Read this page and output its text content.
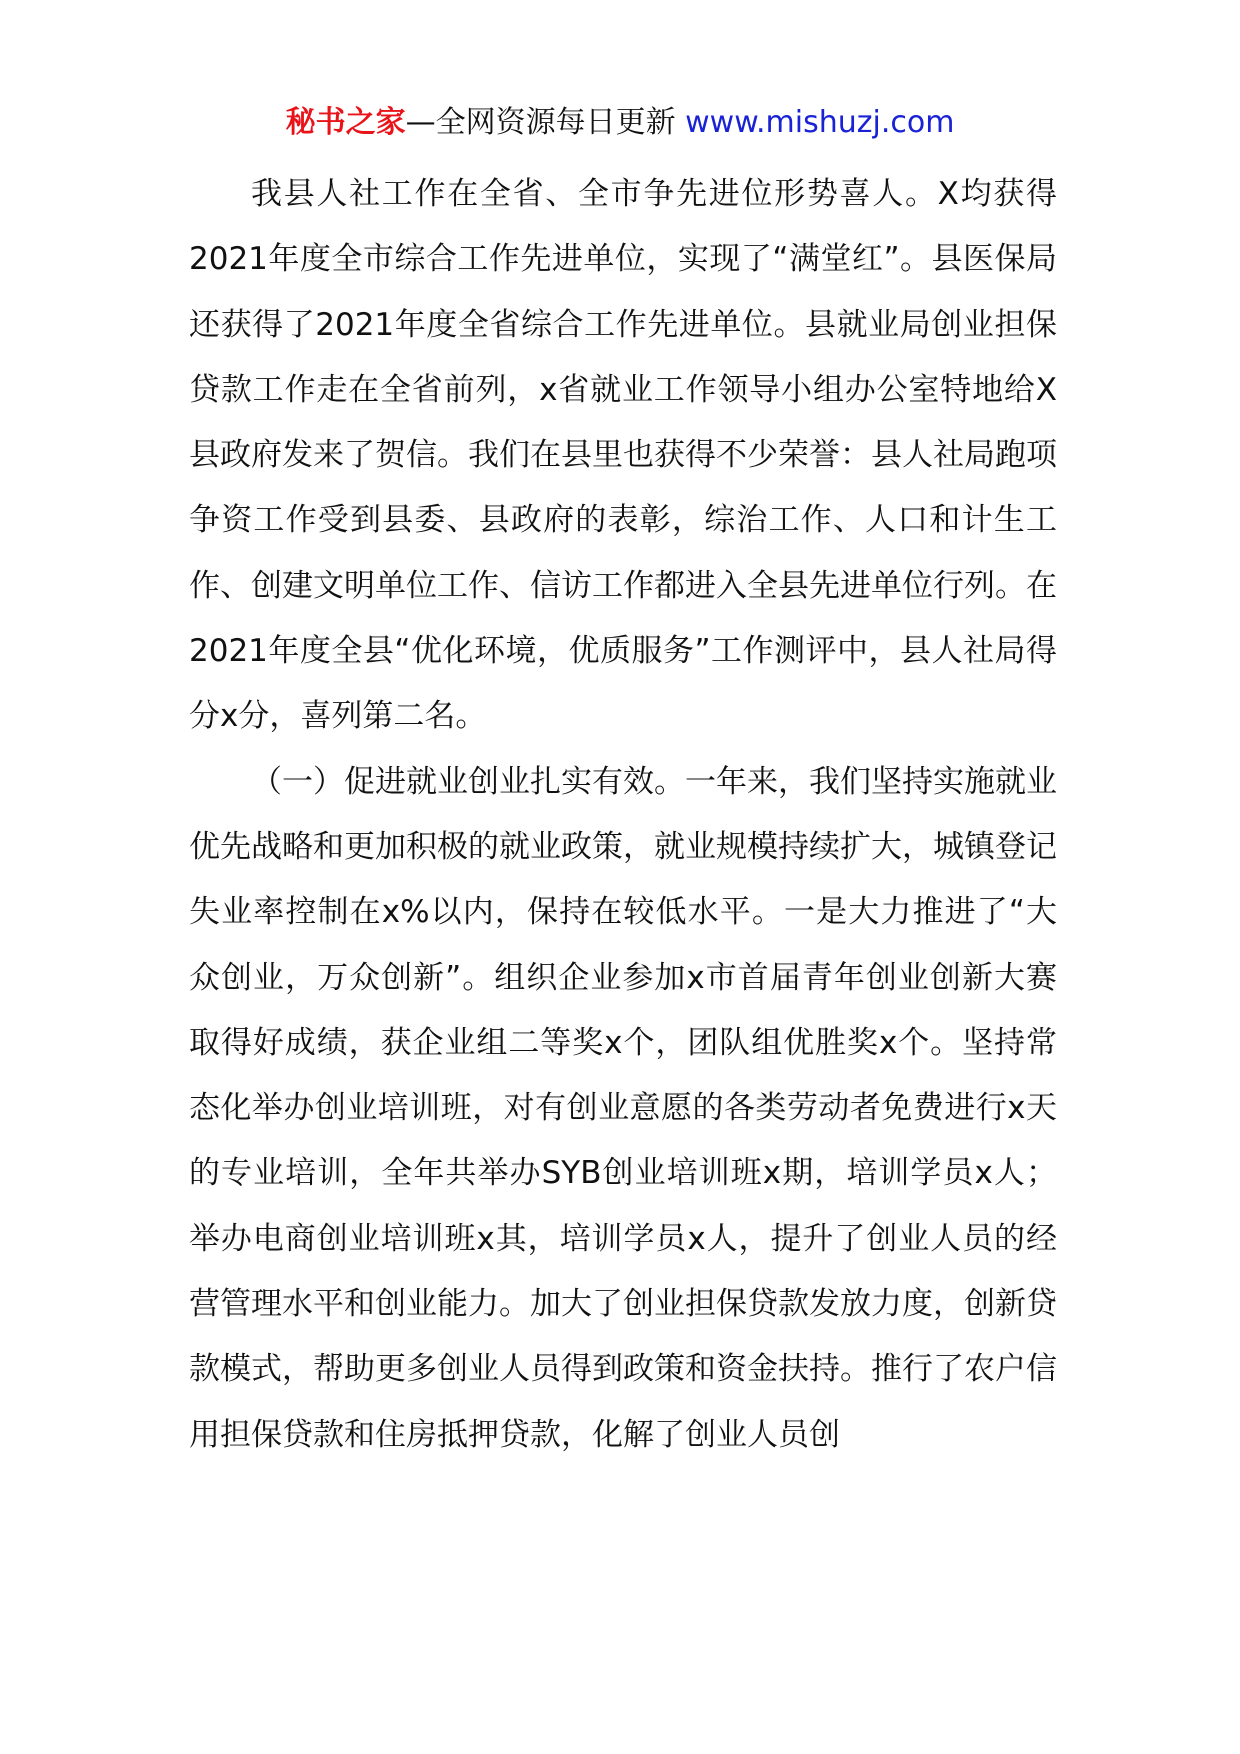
秘书之家—全网资源每日更新 www.mishuzj.com

我县人社工作在全省、全市争先进位形势喜人。X均获得2021年度全市综合工作先进单位，实现了“满堂红”。县医保局还获得了2021年度全省综合工作先进单位。县就业局创业担保贷款工作走在全省前列，x省就业工作领导小组办公室特地给X县政府发来了贺信。我们在县里也获得不少荣誉：县人社局跑项争资工作受到县委、县政府的表彰，综治工作、人口和计生工作、创建文明单位工作、信访工作都进入全县先进单位行列。在2021年度全县“优化环境，优质服务”工作测评中，县人社局得分x分，喜列第二名。

（一）促进就业创业扎实有效。一年来，我们坚持实施就业优先战略和更加积极的就业政策，就业规模持续扩大，城镇登记失业率控制在x%以内，保持在较低水平。一是大力推进了“大众创业，万众创新”。组织企业参加x市首届青年创业创新大赛取得好成绩，获企业组二等奖x个，团队组优胜奖x个。坚持常态化举办创业培训班，对有创业意愿的各类劳动者免费进行x天的专业培训，全年共举办SYB创业培训班x期，培训学员x人；举办电商创业培训班x其，培训学员x人，提升了创业人员的经营管理水平和创业能力。加大了创业担保贷款发放力度，创新贷款模式，帮助更多创业人员得到政策和资金扶持。推行了农户信用担保贷款和住房抵押贷款，化解了创业人员创
